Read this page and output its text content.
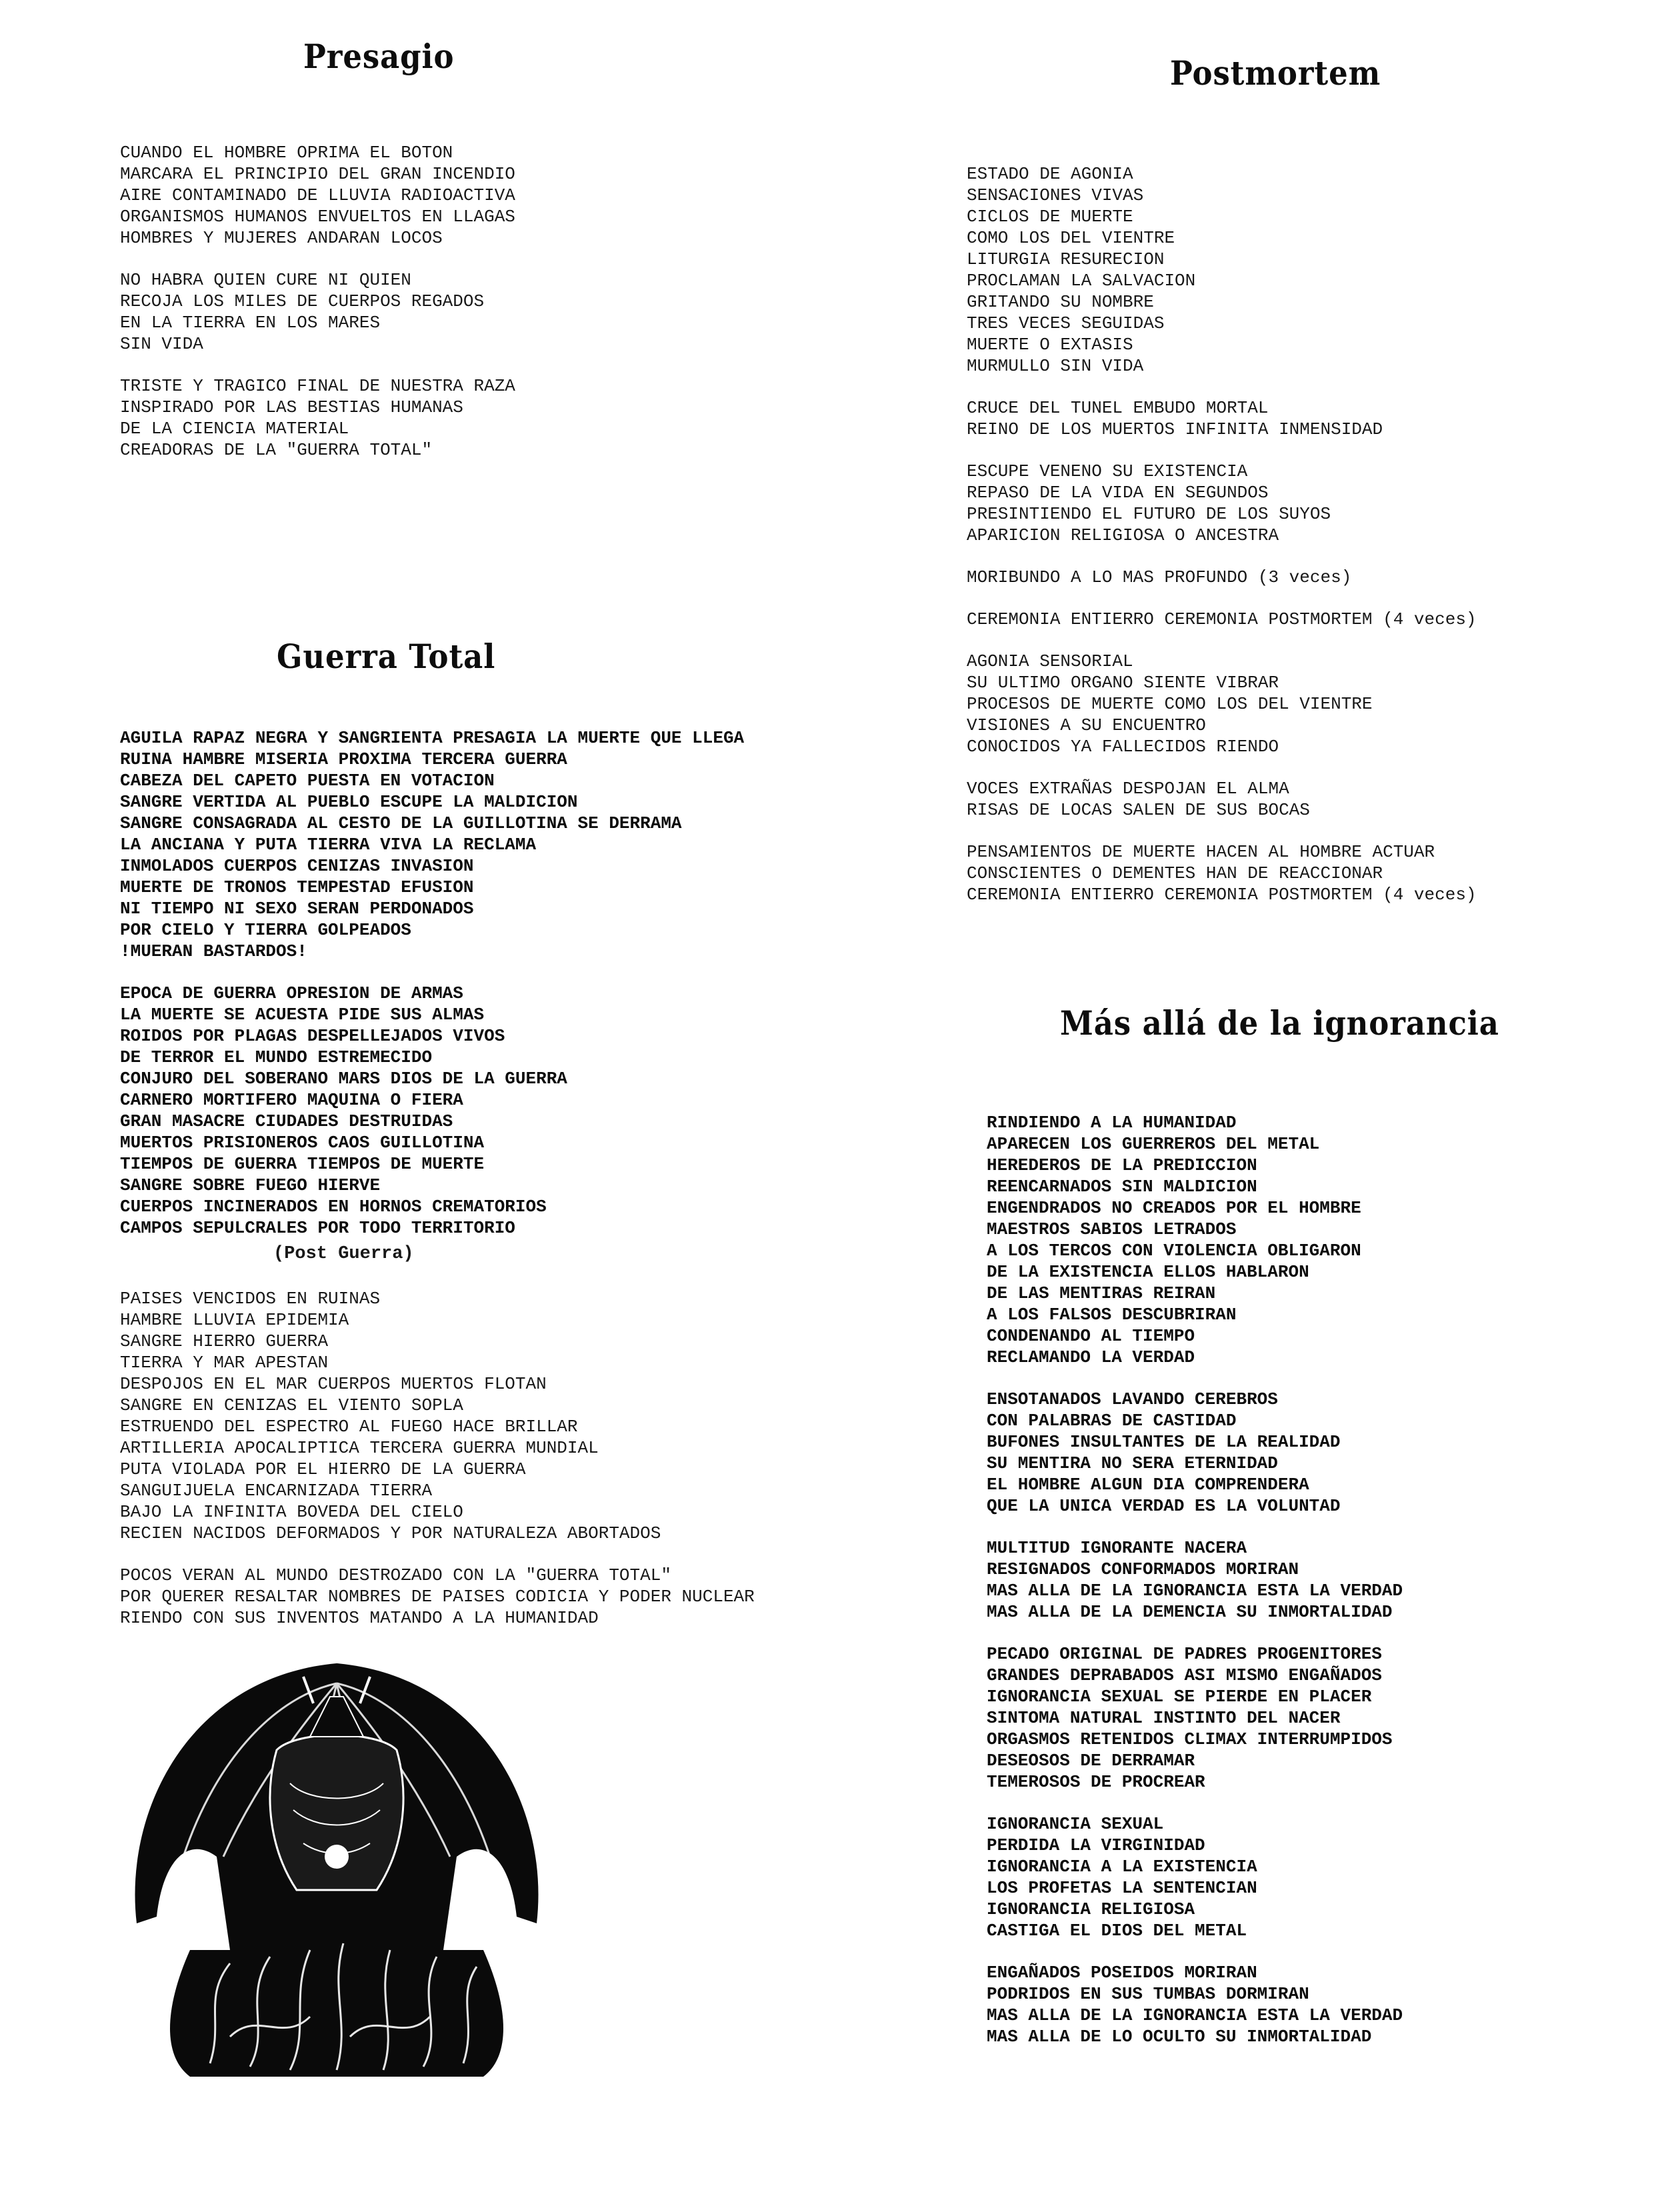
Presagio	Postmortem
Guerra Total
Más allá de la ignorancia
CUANDO EL HOMBRE OPRIMA EL BOTON
MARCARA EL PRINCIPIO DEL GRAN INCENDIO
AIRE CONTAMINADO DE LLUVIA RADIOACTIVA
ORGANISMOS HUMANOS ENVUELTOS EN LLAGAS
HOMBRES Y MUJERES ANDARAN LOCOS
NO HABRA QUIEN CURE NI QUIEN
RECOJA LOS MILES DE CUERPOS REGADOS
EN LA TIERRA EN LOS MARES
SIN VIDA
TRISTE Y TRAGICO FINAL DE NUESTRA RAZA
INSPIRADO POR LAS BESTIAS HUMANAS
DE LA CIENCIA MATERIAL
CREADORAS DE LA "GUERRA TOTAL"
AGUILA RAPAZ NEGRA Y SANGRIENTA PRESAGIA LA MUERTE QUE LLEGA
RUINA HAMBRE MISERIA PROXIMA TERCERA GUERRA
CABEZA DEL CAPETO PUESTA EN VOTACION
SANGRE VERTIDA AL PUEBLO ESCUPE LA MALDICION
SANGRE CONSAGRADA AL CESTO DE LA GUILLOTINA SE DERRAMA
LA ANCIANA Y PUTA TIERRA VIVA LA RECLAMA
INMOLADOS CUERPOS CENIZAS INVASION
MUERTE DE TRONOS TEMPESTAD EFUSION
NI TIEMPO NI SEXO SERAN PERDONADOS
POR CIELO Y TIERRA GOLPEADOS
!MUERAN BASTARDOS!
EPOCA DE GUERRA OPRESION DE ARMAS
LA MUERTE SE ACUESTA PIDE SUS ALMAS
ROIDOS POR PLAGAS DESPELLEJADOS VIVOS
DE TERROR EL MUNDO ESTREMECIDO
CONJURO DEL SOBERANO MARS DIOS DE LA GUERRA
CARNERO MORTIFERO MAQUINA O FIERA
GRAN MASACRE CIUDADES DESTRUIDAS
MUERTOS PRISIONEROS CAOS GUILLOTINA
TIEMPOS DE GUERRA TIEMPOS DE MUERTE
SANGRE SOBRE FUEGO HIERVE
CUERPOS INCINERADOS EN HORNOS CREMATORIOS
CAMPOS SEPULCRALES POR TODO TERRITORIO
(Post Guerra)
PAISES VENCIDOS EN RUINAS
HAMBRE LLUVIA EPIDEMIA
SANGRE HIERRO GUERRA
TIERRA Y MAR APESTAN
DESPOJOS EN EL MAR CUERPOS MUERTOS FLOTAN
SANGRE EN CENIZAS EL VIENTO SOPLA
ESTRUENDO DEL ESPECTRO AL FUEGO HACE BRILLAR
ARTILLERIA APOCALIPTICA TERCERA GUERRA MUNDIAL
PUTA VIOLADA POR EL HIERRO DE LA GUERRA
SANGUIJUELA ENCARNIZADA TIERRA
BAJO LA INFINITA BOVEDA DEL CIELO
RECIEN NACIDOS DEFORMADOS Y POR NATURALEZA ABORTADOS
POCOS VERAN AL MUNDO DESTROZADO CON LA "GUERRA TOTAL"
POR QUERER RESALTAR NOMBRES DE PAISES CODICIA Y PODER NUCLEAR
RIENDO CON SUS INVENTOS MATANDO A LA HUMANIDAD
ESTADO DE AGONIA
SENSACIONES VIVAS
CICLOS DE MUERTE
COMO LOS DEL VIENTRE
LITURGIA RESURECION
PROCLAMAN LA SALVACION
GRITANDO SU NOMBRE
TRES VECES SEGUIDAS
MUERTE O EXTASIS
MURMULLO SIN VIDA
CRUCE DEL TUNEL EMBUDO MORTAL
REINO DE LOS MUERTOS INFINITA INMENSIDAD
ESCUPE VENENO SU EXISTENCIA
REPASO DE LA VIDA EN SEGUNDOS
PRESINTIENDO EL FUTURO DE LOS SUYOS
APARICION RELIGIOSA O ANCESTRA
MORIBUNDO A LO MAS PROFUNDO (3 veces)
CEREMONIA ENTIERRO CEREMONIA POSTMORTEM (4 veces)
AGONIA SENSORIAL
SU ULTIMO ORGANO SIENTE VIBRAR
PROCESOS DE MUERTE COMO LOS DEL VIENTRE
VISIONES A SU ENCUENTRO
CONOCIDOS YA FALLECIDOS RIENDO
VOCES EXTRAÑAS DESPOJAN EL ALMA
RISAS DE LOCAS SALEN DE SUS BOCAS
PENSAMIENTOS DE MUERTE HACEN AL HOMBRE ACTUAR
CONSCIENTES O DEMENTES HAN DE REACCIONAR
CEREMONIA ENTIERRO CEREMONIA POSTMORTEM (4 veces)
RINDIENDO A LA HUMANIDAD
APARECEN LOS GUERREROS DEL METAL
HEREDEROS DE LA PREDICCION
REENCARNADOS SIN MALDICION
ENGENDRADOS NO CREADOS POR EL HOMBRE
MAESTROS SABIOS LETRADOS
A LOS TERCOS CON VIOLENCIA OBLIGARON
DE LA EXISTENCIA ELLOS HABLARON
DE LAS MENTIRAS REIRAN
A LOS FALSOS DESCUBRIRAN
CONDENANDO AL TIEMPO
RECLAMANDO LA VERDAD
ENSOTANADOS LAVANDO CEREBROS
CON PALABRAS DE CASTIDAD
BUFONES INSULTANTES DE LA REALIDAD
SU MENTIRA NO SERA ETERNIDAD
EL HOMBRE ALGUN DIA COMPRENDERA
QUE LA UNICA VERDAD ES LA VOLUNTAD
MULTITUD IGNORANTE NACERA
RESIGNADOS CONFORMADOS MORIRAN
MAS ALLA DE LA IGNORANCIA ESTA LA VERDAD
MAS ALLA DE LA DEMENCIA SU INMORTALIDAD
PECADO ORIGINAL DE PADRES PROGENITORES
GRANDES DEPRABADOS ASI MISMO ENGAÑADOS
IGNORANCIA SEXUAL SE PIERDE EN PLACER
SINTOMA NATURAL INSTINTO DEL NACER
ORGASMOS RETENIDOS CLIMAX INTERRUMPIDOS
DESEOSOS DE DERRAMAR
TEMEROSOS DE PROCREAR
IGNORANCIA SEXUAL
PERDIDA LA VIRGINIDAD
IGNORANCIA A LA EXISTENCIA
LOS PROFETAS LA SENTENCIAN
IGNORANCIA RELIGIOSA
CASTIGA EL DIOS DEL METAL
ENGAÑADOS POSEIDOS MORIRAN
PODRIDOS EN SUS TUMBAS DORMIRAN
MAS ALLA DE LA IGNORANCIA ESTA LA VERDAD
MAS ALLA DE LO OCULTO SU INMORTALIDAD
